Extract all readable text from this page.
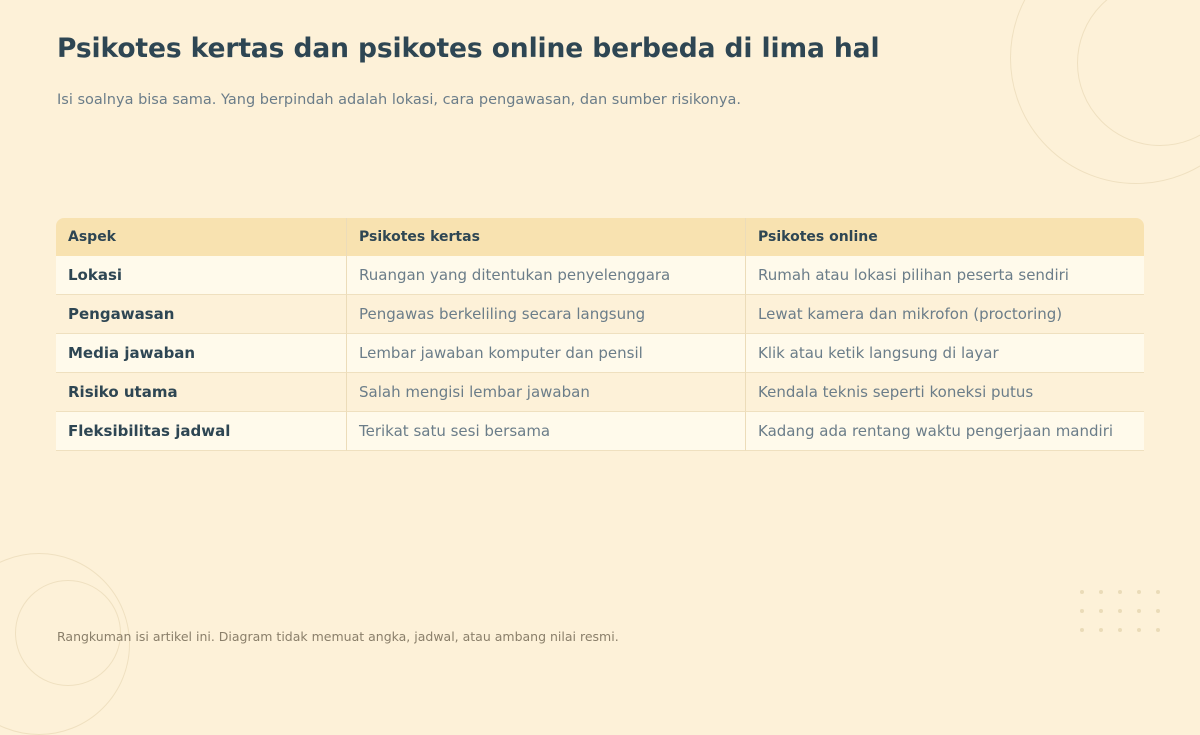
Psikotes kertas dan psikotes online berbeda di lima hal

Isi soalnya bisa sama. Yang berpindah adalah lokasi, cara pengawasan, dan sumber risikonya.

Aspek	Psikotes kertas	Psikotes online
Lokasi	Ruangan yang ditentukan penyelenggara	Rumah atau lokasi pilihan peserta sendiri
Pengawasan	Pengawas berkeliling secara langsung	Lewat kamera dan mikrofon (proctoring)
Media jawaban	Lembar jawaban komputer dan pensil	Klik atau ketik langsung di layar
Risiko utama	Salah mengisi lembar jawaban	Kendala teknis seperti koneksi putus
Fleksibilitas jadwal	Terikat satu sesi bersama	Kadang ada rentang waktu pengerjaan mandiri

Rangkuman isi artikel ini. Diagram tidak memuat angka, jadwal, atau ambang nilai resmi.
